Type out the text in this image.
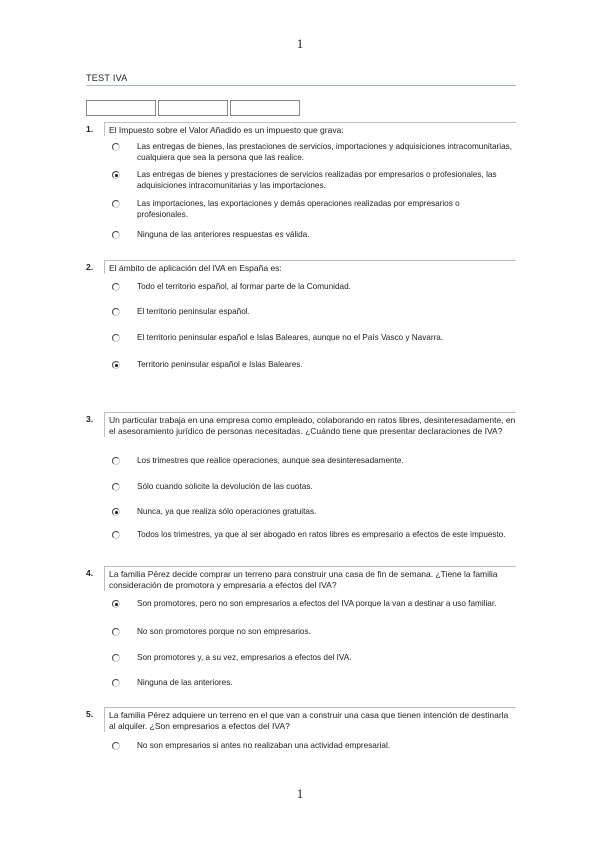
1
TEST IVA
1.	El Impuesto sobre el Valor Añadido es un impuesto que grava:
Las entregas de bienes, las prestaciones de servicios, importaciones y adquisiciones intracomunitarias, cualquiera que sea la persona que las realice.
Las entregas de bienes y prestaciones de servicios realizadas por empresarios o profesionales, las adquisiciones intracomunitarias y las importaciones.
Las importaciones, las exportaciones y demás operaciones realizadas por empresarios o profesionales.
Ninguna de las anteriores respuestas es válida.
2.	El ámbito de aplicación del IVA en España es:
Todo el territorio español, al formar parte de la Comunidad.
El territorio peninsular español.
El territorio peninsular español e Islas Baleares, aunque no el País Vasco y Navarra.
Territorio peninsular español e Islas Baleares.
3.	Un particular trabaja en una empresa como empleado, colaborando en ratos libres, desinteresadamente, en el asesoramiento jurídico de personas necesitadas. ¿Cuándo tiene que presentar declaraciones de IVA?
Los trimestres que realice operaciones, aunque sea desinteresadamente.
Sólo cuando solicite la devolución de las cuotas.
Nunca, ya que realiza sólo operaciones gratuitas.
Todos los trimestres, ya que al ser abogado en ratos libres es empresario a efectos de este impuesto.
4.	La familia Pérez decide comprar un terreno para construir una casa de fin de semana. ¿Tiene la familia consideración de promotora y empresaria a efectos del IVA?
Son promotores, pero no son empresarios a efectos del IVA porque la van a destinar a uso familiar.
No son promotores porque no son empresarios.
Son promotores y, a su vez, empresarios a efectos del IVA.
Ninguna de las anteriores.
5.	La familia Pérez adquiere un terreno en el que van a construir una casa que tienen intención de destinarla al alquiler. ¿Son empresarios a efectos del IVA?
No son empresarios si antes no realizaban una actividad empresarial.
1
